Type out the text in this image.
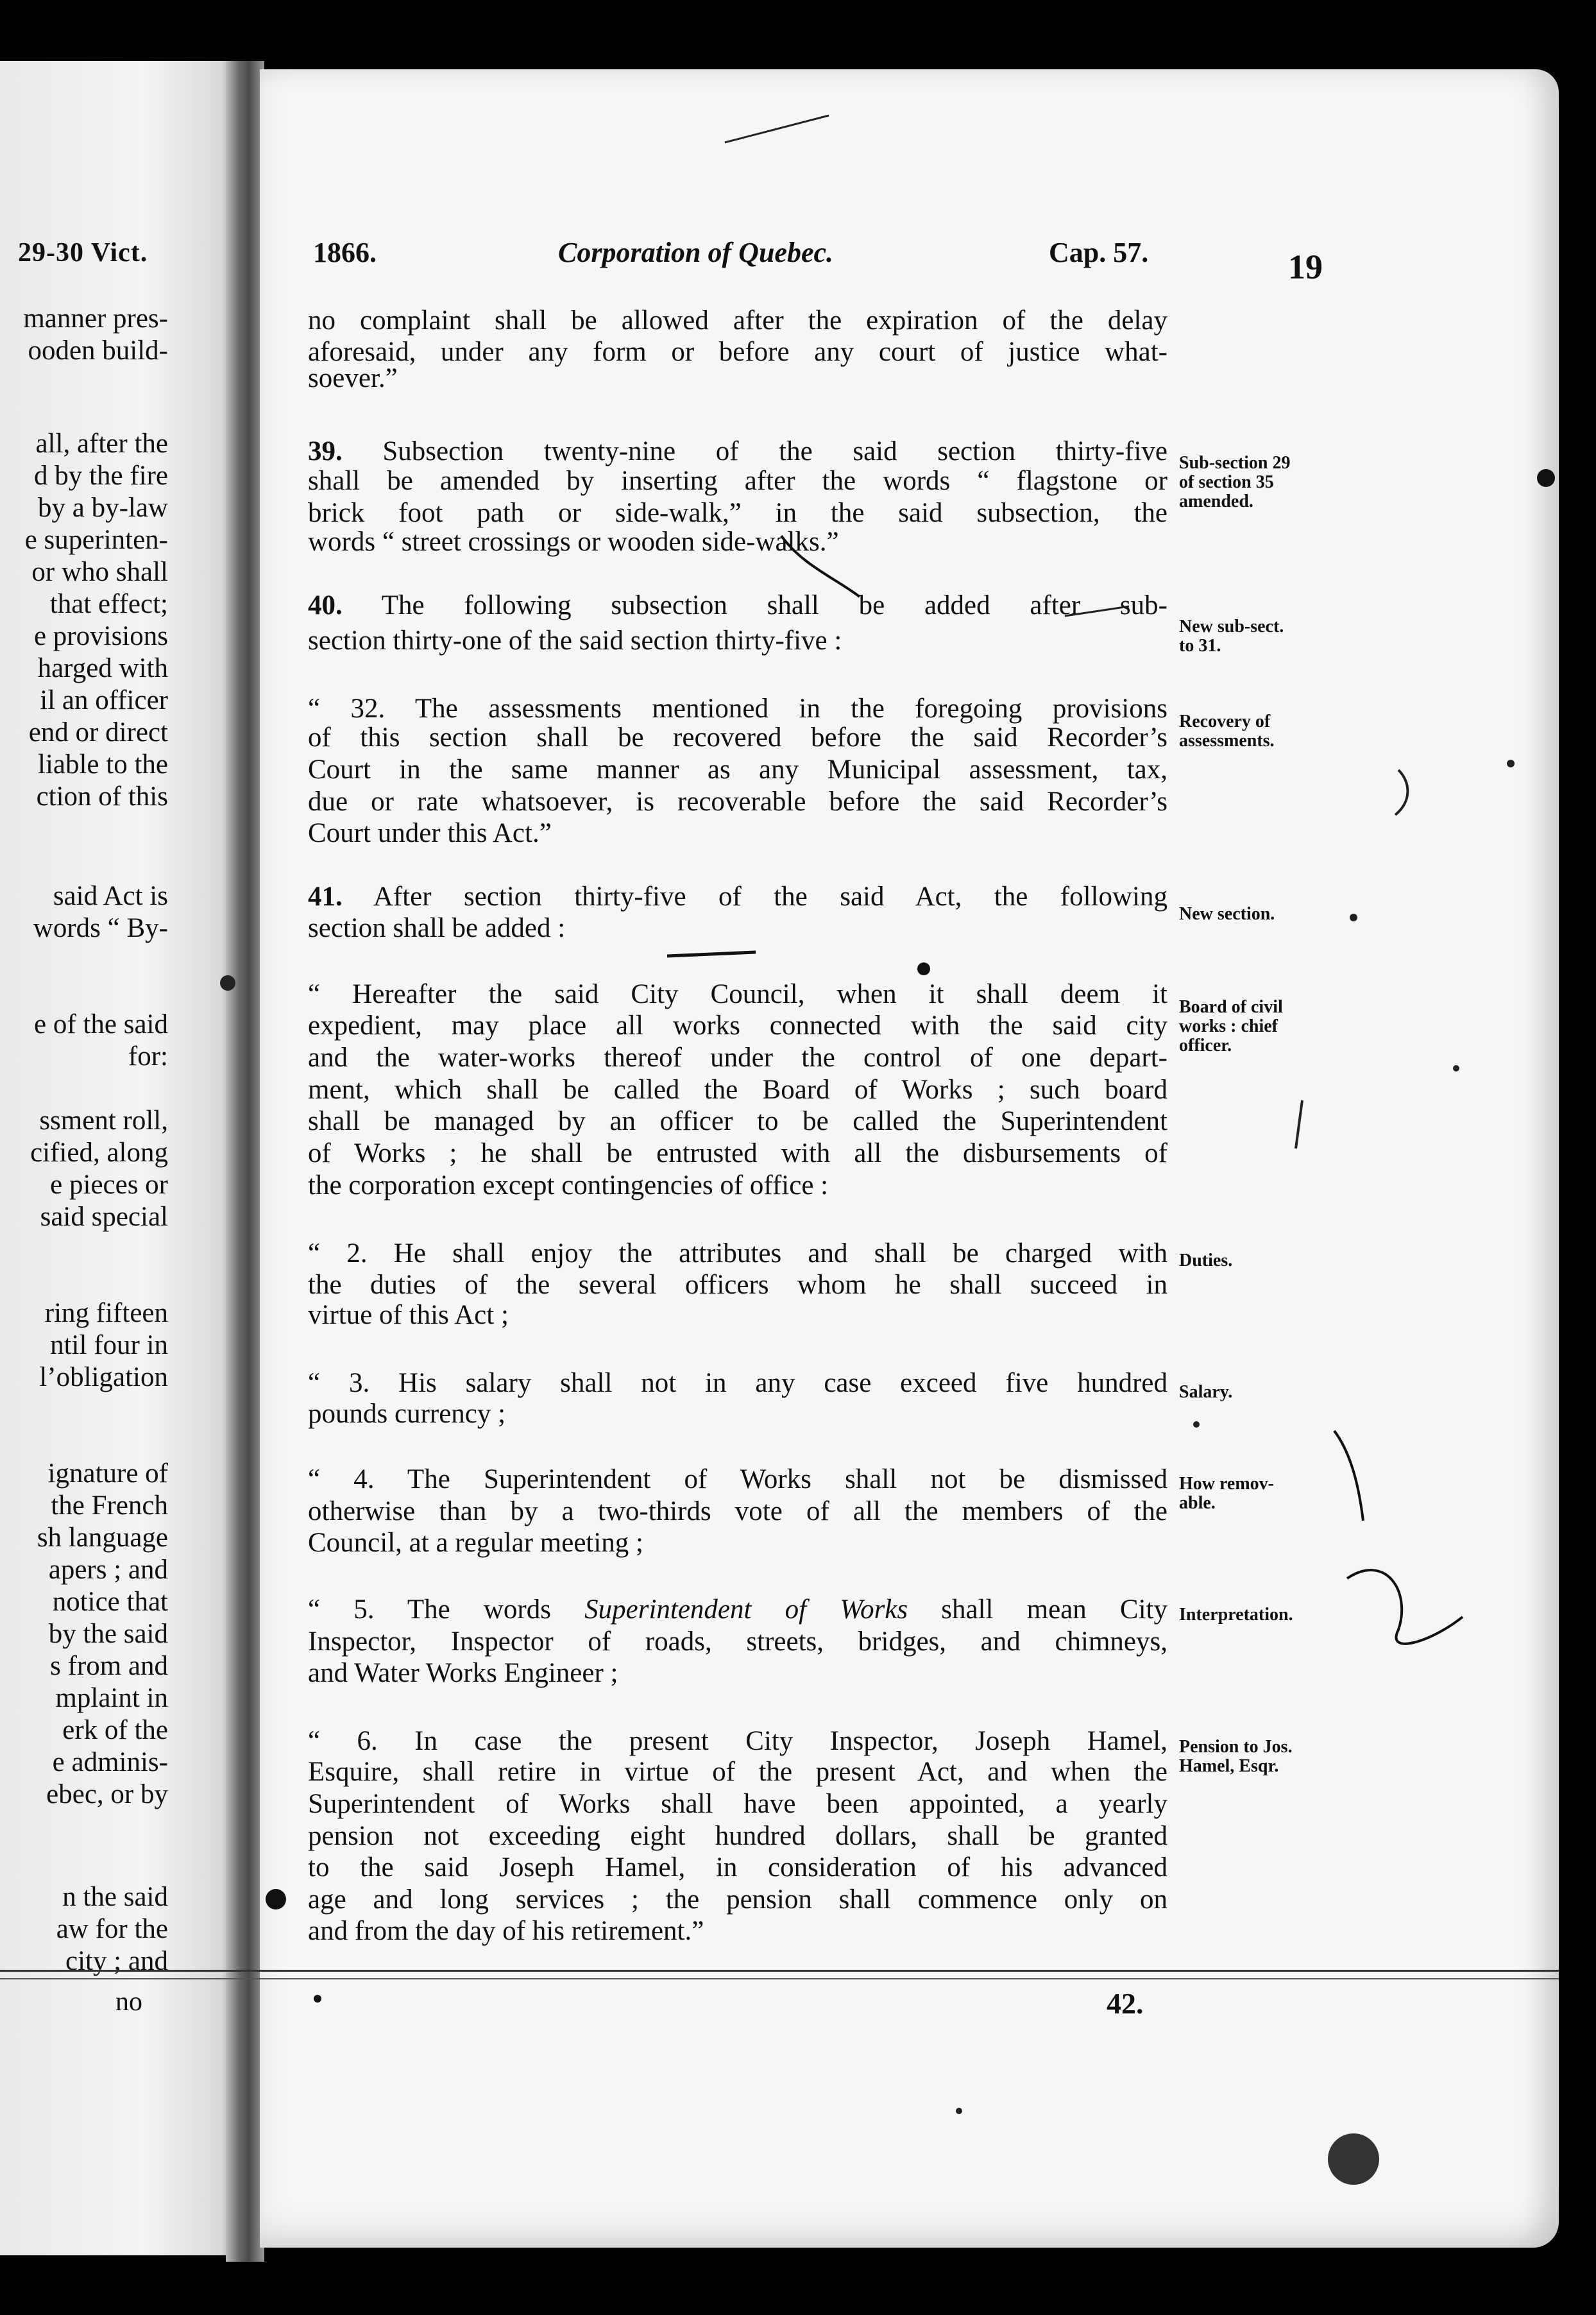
29-30 Vict.
manner pres-
ooden build-
all, after the
d by the fire
by a by-law
e superinten-
or who shall
that effect;
e provisions
harged with
il an officer
end or direct
liable to the
ction of this
said Act is
words “ By-
e of the said
for:
ssment roll,
cified, along
e pieces or
said special
ring fifteen
ntil four in
l’obligation
ignature of
the French
sh language
apers ; and
notice that
by the said
s from and
mplaint in
erk of the
e adminis-
ebec, or by
n the said
aw for the
city ; and
no
1866.	Corporation of Quebec.	Cap. 57.	19
no complaint shall be allowed after the expiration of the delay
aforesaid, under any form or before any court of justice what-
soever.”
39. Subsection twenty-nine of the said section thirty-five
shall be amended by inserting after the words “ flagstone or
brick foot path or side-walk,” in the said subsection, the
words “ street crossings or wooden side-walks.”
40. The following subsection shall be added after sub-
section thirty-one of the said section thirty-five :
“ 32. The assessments mentioned in the foregoing provisions
of this section shall be recovered before the said Recorder’s
Court in the same manner as any Municipal assessment, tax,
due or rate whatsoever, is recoverable before the said Recorder’s
Court under this Act.”
41. After section thirty-five of the said Act, the following
section shall be added :
“ Hereafter the said City Council, when it shall deem it
expedient, may place all works connected with the said city
and the water-works thereof under the control of one depart-
ment, which shall be called the Board of Works ; such board
shall be managed by an officer to be called the Superintendent
of Works ; he shall be entrusted with all the disbursements of
the corporation except contingencies of office :
“ 2. He shall enjoy the attributes and shall be charged with
the duties of the several officers whom he shall succeed in
virtue of this Act ;
“ 3. His salary shall not in any case exceed five hundred
pounds currency ;
“ 4. The Superintendent of Works shall not be dismissed
otherwise than by a two-thirds vote of all the members of the
Council, at a regular meeting ;
“ 5. The words Superintendent of Works shall mean City
Inspector, Inspector of roads, streets, bridges, and chimneys,
and Water Works Engineer ;
“ 6. In case the present City Inspector, Joseph Hamel,
Esquire, shall retire in virtue of the present Act, and when the
Superintendent of Works shall have been appointed, a yearly
pension not exceeding eight hundred dollars, shall be granted
to the said Joseph Hamel, in consideration of his advanced
age and long services ; the pension shall commence only on
and from the day of his retirement.”
Sub-section 29
of section 35
amended.
New sub-sect.
to 31.
Recovery of
assessments.
New section.
Board of civil
works : chief
officer.
Duties.
Salary.
How remov-
able.
Interpretation.
Pension to Jos.
Hamel, Esqr.
42.
